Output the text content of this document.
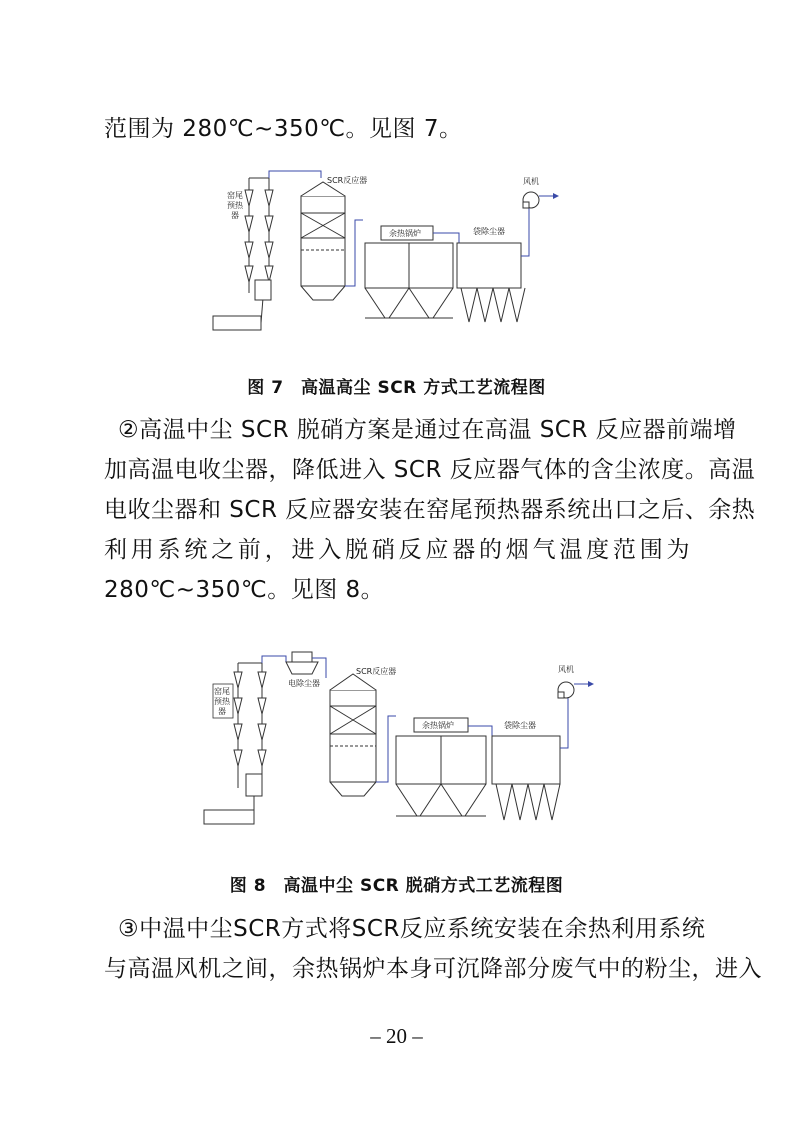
范围为 280℃~350℃。见图 7。
窑尾
预热
器
SCR反应器
余热锅炉	袋除尘器
风机
图 7　高温高尘 SCR 方式工艺流程图
②高温中尘 SCR 脱硝方案是通过在高温 SCR 反应器前端增
加高温电收尘器，降低进入 SCR 反应器气体的含尘浓度。高温
电收尘器和 SCR 反应器安装在窑尾预热器系统出口之后、余热
利用系统之前，进入脱硝反应器的烟气温度范围为
280℃~350℃。见图 8。
窑尾
预热
器
电除尘器
SCR反应器
余热锅炉	袋除尘器
风机
图 8　高温中尘 SCR 脱硝方式工艺流程图
③中温中尘SCR方式将SCR反应系统安装在余热利用系统
与高温风机之间，余热锅炉本身可沉降部分废气中的粉尘，进入
– 20 –
